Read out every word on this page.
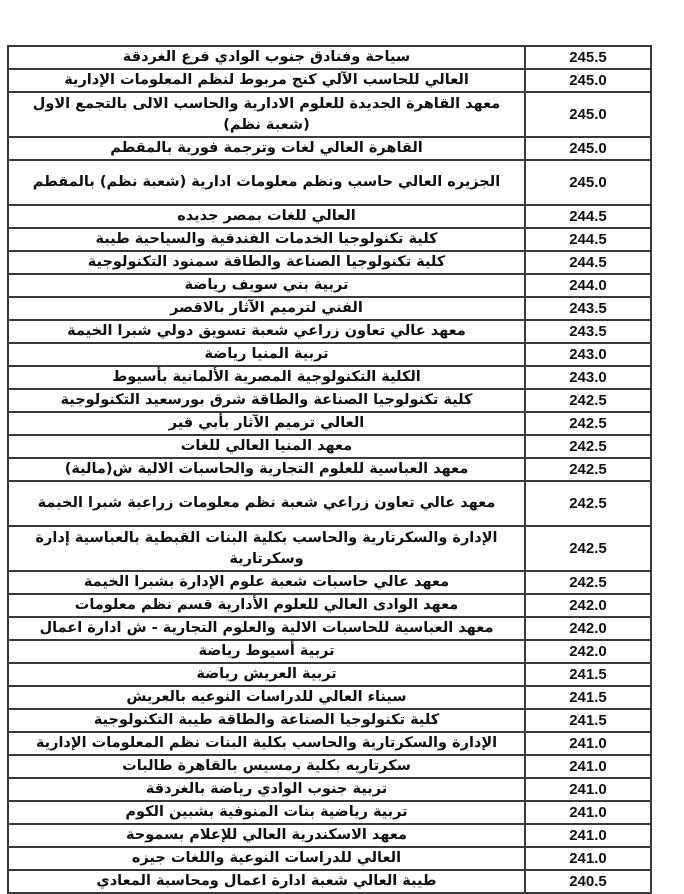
سياحة وفنادق جنوب الوادي فرع الغردقة	245.5
العالي للحاسب الآلي كنج مربوط لنظم المعلومات الإدارية	245.0
معهد القاهرة الجديدة للعلوم الادارية والحاسب الالى بالتجمع الاول (شعبة نظم)	245.0
القاهرة العالي لغات وترجمة فورية بالمقطم	245.0
الجزيره العالي حاسب ونظم معلومات ادارية (شعبة نظم) بالمقطم	245.0
العالي للغات بمصر جديده	244.5
كلية تكنولوجيا الخدمات الفندقية والسياحية طيبة	244.5
كلية تكنولوجيا الصناعة والطاقة سمنود التكنولوجية	244.5
تربية بني سويف رياضة	244.0
الفني لترميم الآثار بالاقصر	243.5
معهد عالي تعاون زراعي شعبة تسويق دولي شبرا الخيمة	243.5
تربية المنيا رياضة	243.0
الكلية التكنولوجية المصرية الألمانية بأسيوط	243.0
كلية تكنولوجيا الصناعة والطاقة شرق بورسعيد التكنولوجية	242.5
العالي ترميم الآثار بأبي قير	242.5
معهد المنيا العالي للغات	242.5
معهد العباسية للعلوم التجارية والحاسبات الالية ش(مالية)	242.5
معهد عالي تعاون زراعي شعبة نظم معلومات زراعية شبرا الخيمة	242.5
الإدارة والسكرتارية والحاسب بكلية البنات القبطية بالعباسية إدارة وسكرتارية	242.5
معهد عالي حاسبات شعبة علوم الإدارة بشبرا الخيمة	242.5
معهد الوادى العالي للعلوم الأدارية قسم نظم معلومات	242.0
معهد العباسية للحاسبات الالية والعلوم التجارية - ش ادارة اعمال	242.0
تربية أسيوط رياضة	242.0
تربية العريش رياضة	241.5
سيناء العالي للدراسات النوعيه بالعريش	241.5
كلية تكنولوجيا الصناعة والطاقة طيبة التكنولوجية	241.5
الإدارة والسكرتارية والحاسب بكلية البنات نظم المعلومات الإدارية	241.0
سكرتاريه بكلية رمسيس بالقاهرة طالبات	241.0
تربية جنوب الوادي رياضة بالغردقة	241.0
تربية رياضية بنات المنوفية بشبين الكوم	241.0
معهد الاسكندرية العالي للإعلام بسموحة	241.0
العالي للدراسات النوعية واللغات جيزه	241.0
طيبة العالي شعبة ادارة اعمال ومحاسبة المعادي	240.5
